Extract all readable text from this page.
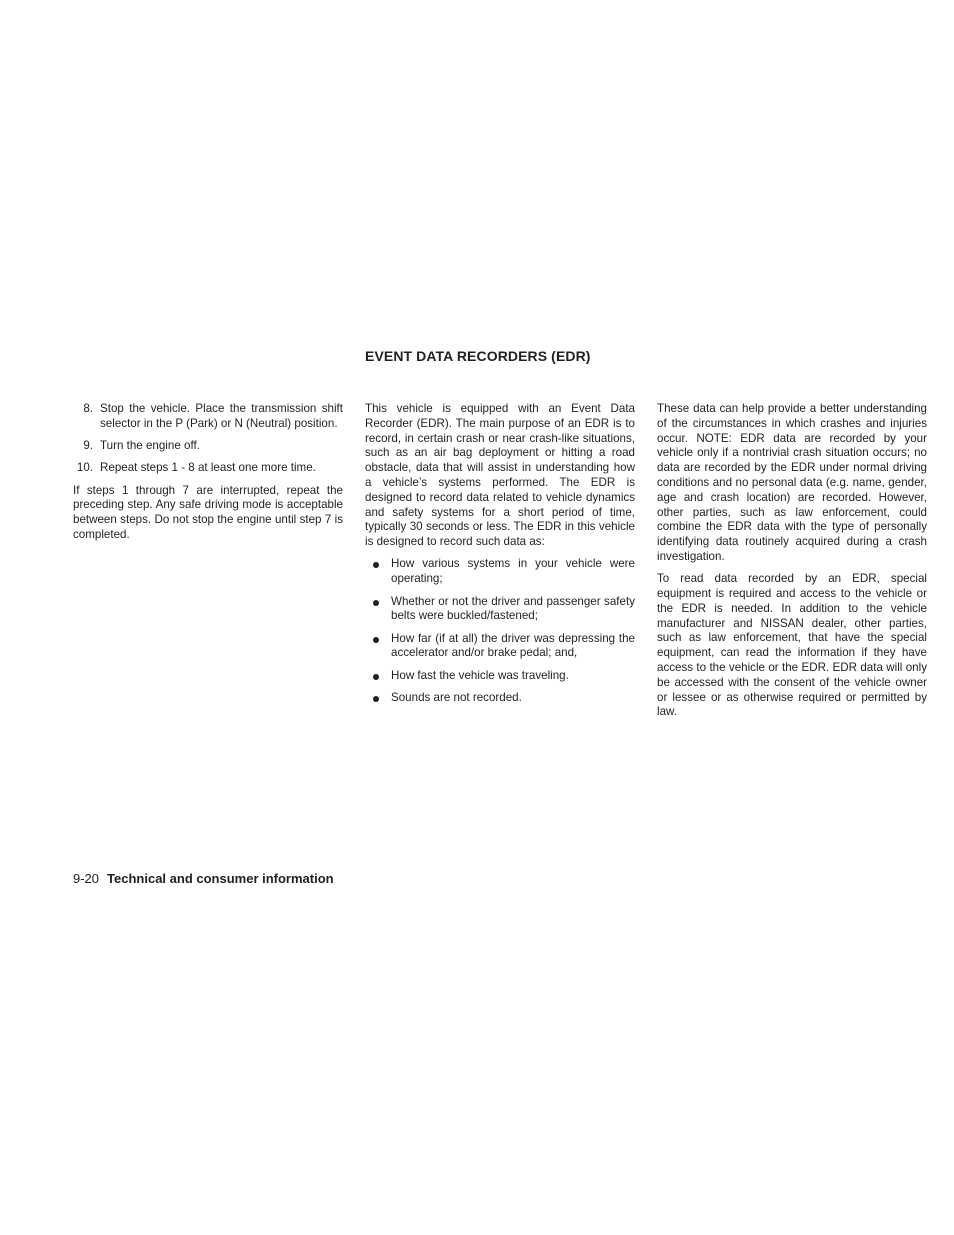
EVENT DATA RECORDERS (EDR)
8. Stop the vehicle. Place the transmission shift selector in the P (Park) or N (Neutral) position.
9. Turn the engine off.
10. Repeat steps 1 - 8 at least one more time.

If steps 1 through 7 are interrupted, repeat the preceding step. Any safe driving mode is acceptable between steps. Do not stop the engine until step 7 is completed.

This vehicle is equipped with an Event Data Recorder (EDR). The main purpose of an EDR is to record, in certain crash or near crash-like situations, such as an air bag deployment or hitting a road obstacle, data that will assist in understanding how a vehicle’s systems performed. The EDR is designed to record data related to vehicle dynamics and safety systems for a short period of time, typically 30 seconds or less. The EDR in this vehicle is designed to record such data as:

How various systems in your vehicle were operating;
Whether or not the driver and passenger safety belts were buckled/fastened;
How far (if at all) the driver was depressing the accelerator and/or brake pedal; and,
How fast the vehicle was traveling.
Sounds are not recorded.

These data can help provide a better understanding of the circumstances in which crashes and injuries occur. NOTE: EDR data are recorded by your vehicle only if a nontrivial crash situation occurs; no data are recorded by the EDR under normal driving conditions and no personal data (e.g. name, gender, age and crash location) are recorded. However, other parties, such as law enforcement, could combine the EDR data with the type of personally identifying data routinely acquired during a crash investigation.

To read data recorded by an EDR, special equipment is required and access to the vehicle or the EDR is needed. In addition to the vehicle manufacturer and NISSAN dealer, other parties, such as law enforcement, that have the special equipment, can read the information if they have access to the vehicle or the EDR. EDR data will only be accessed with the consent of the vehicle owner or lessee or as otherwise required or permitted by law.

9-20 Technical and consumer information
